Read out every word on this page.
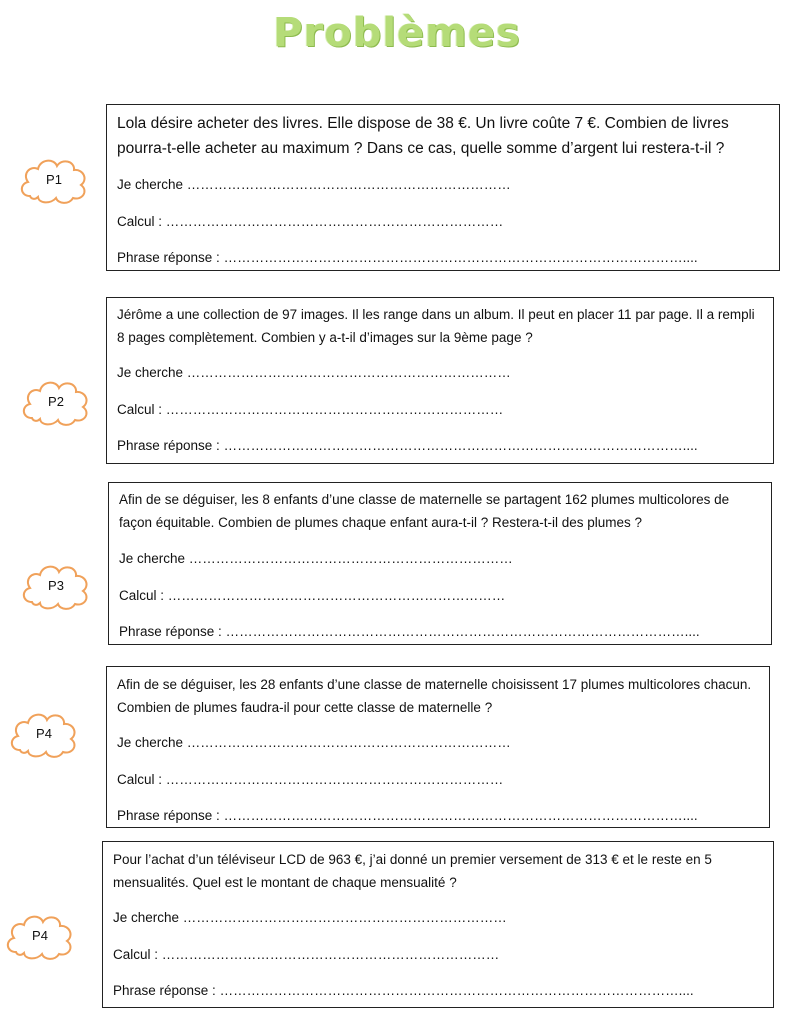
Problèmes
P1
Lola désire acheter des livres. Elle dispose de 38 €. Un livre coûte 7 €. Combien de livres pourra-t-elle acheter au maximum ? Dans ce cas, quelle somme d’argent lui restera-t-il ?
Je cherche ………………………………………………………………
Calcul : …………………………………………………………………
Phrase réponse : …………………………………………………………………………………………....
P2
Jérôme a une collection de 97 images. Il les range dans un album. Il peut en placer 11 par page. Il a rempli 8 pages complètement. Combien y a-t-il d’images sur la 9ème page ?
Je cherche ………………………………………………………………
Calcul : …………………………………………………………………
Phrase réponse : …………………………………………………………………………………………....
P3
Afin de se déguiser, les 8 enfants d’une classe de maternelle se partagent 162 plumes multicolores de façon équitable. Combien de plumes chaque enfant aura-t-il ? Restera-t-il des plumes ?
Je cherche ………………………………………………………………
Calcul : …………………………………………………………………
Phrase réponse : …………………………………………………………………………………………....
P4
Afin de se déguiser, les 28 enfants d’une classe de maternelle choisissent 17 plumes multicolores chacun. Combien de plumes faudra-il pour cette classe de maternelle ?
Je cherche ………………………………………………………………
Calcul : …………………………………………………………………
Phrase réponse : …………………………………………………………………………………………....
P4
Pour l’achat d’un téléviseur LCD de 963 €, j’ai donné un premier versement de 313 € et le reste en 5 mensualités. Quel est le montant de chaque mensualité ?
Je cherche ………………………………………………………………
Calcul : …………………………………………………………………
Phrase réponse : …………………………………………………………………………………………....
